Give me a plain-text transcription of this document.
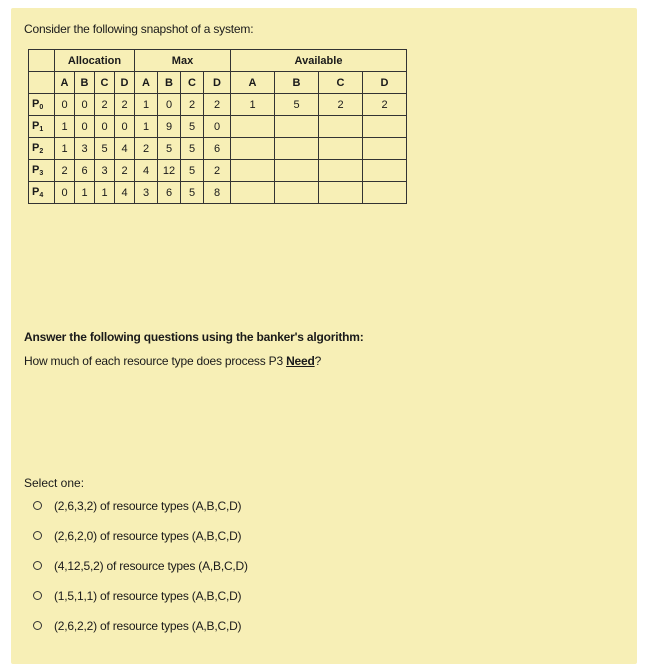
Consider the following snapshot of a system:
	Allocation				Max				Available			
	A	B	C	D	A	B	C	D	A	B	C	D
$P_0$	0	0	2	2	1	0	2	2	1	5	2	2
$P_1$	1	0	0	0	1	9	5	0				
$P_2$	1	3	5	4	2	5	5	6				
$P_3$	2	6	3	2	4	12	5	2				
$P_4$	0	1	1	4	3	6	5	8				
Answer the following questions using the banker's algorithm:
How much of each resource type does process P3 Need?
Select one:
(2,6,3,2) of resource types (A,B,C,D)
(2,6,2,0) of resource types (A,B,C,D)
(4,12,5,2) of resource types (A,B,C,D)
(1,5,1,1) of resource types (A,B,C,D)
(2,6,2,2) of resource types (A,B,C,D)
